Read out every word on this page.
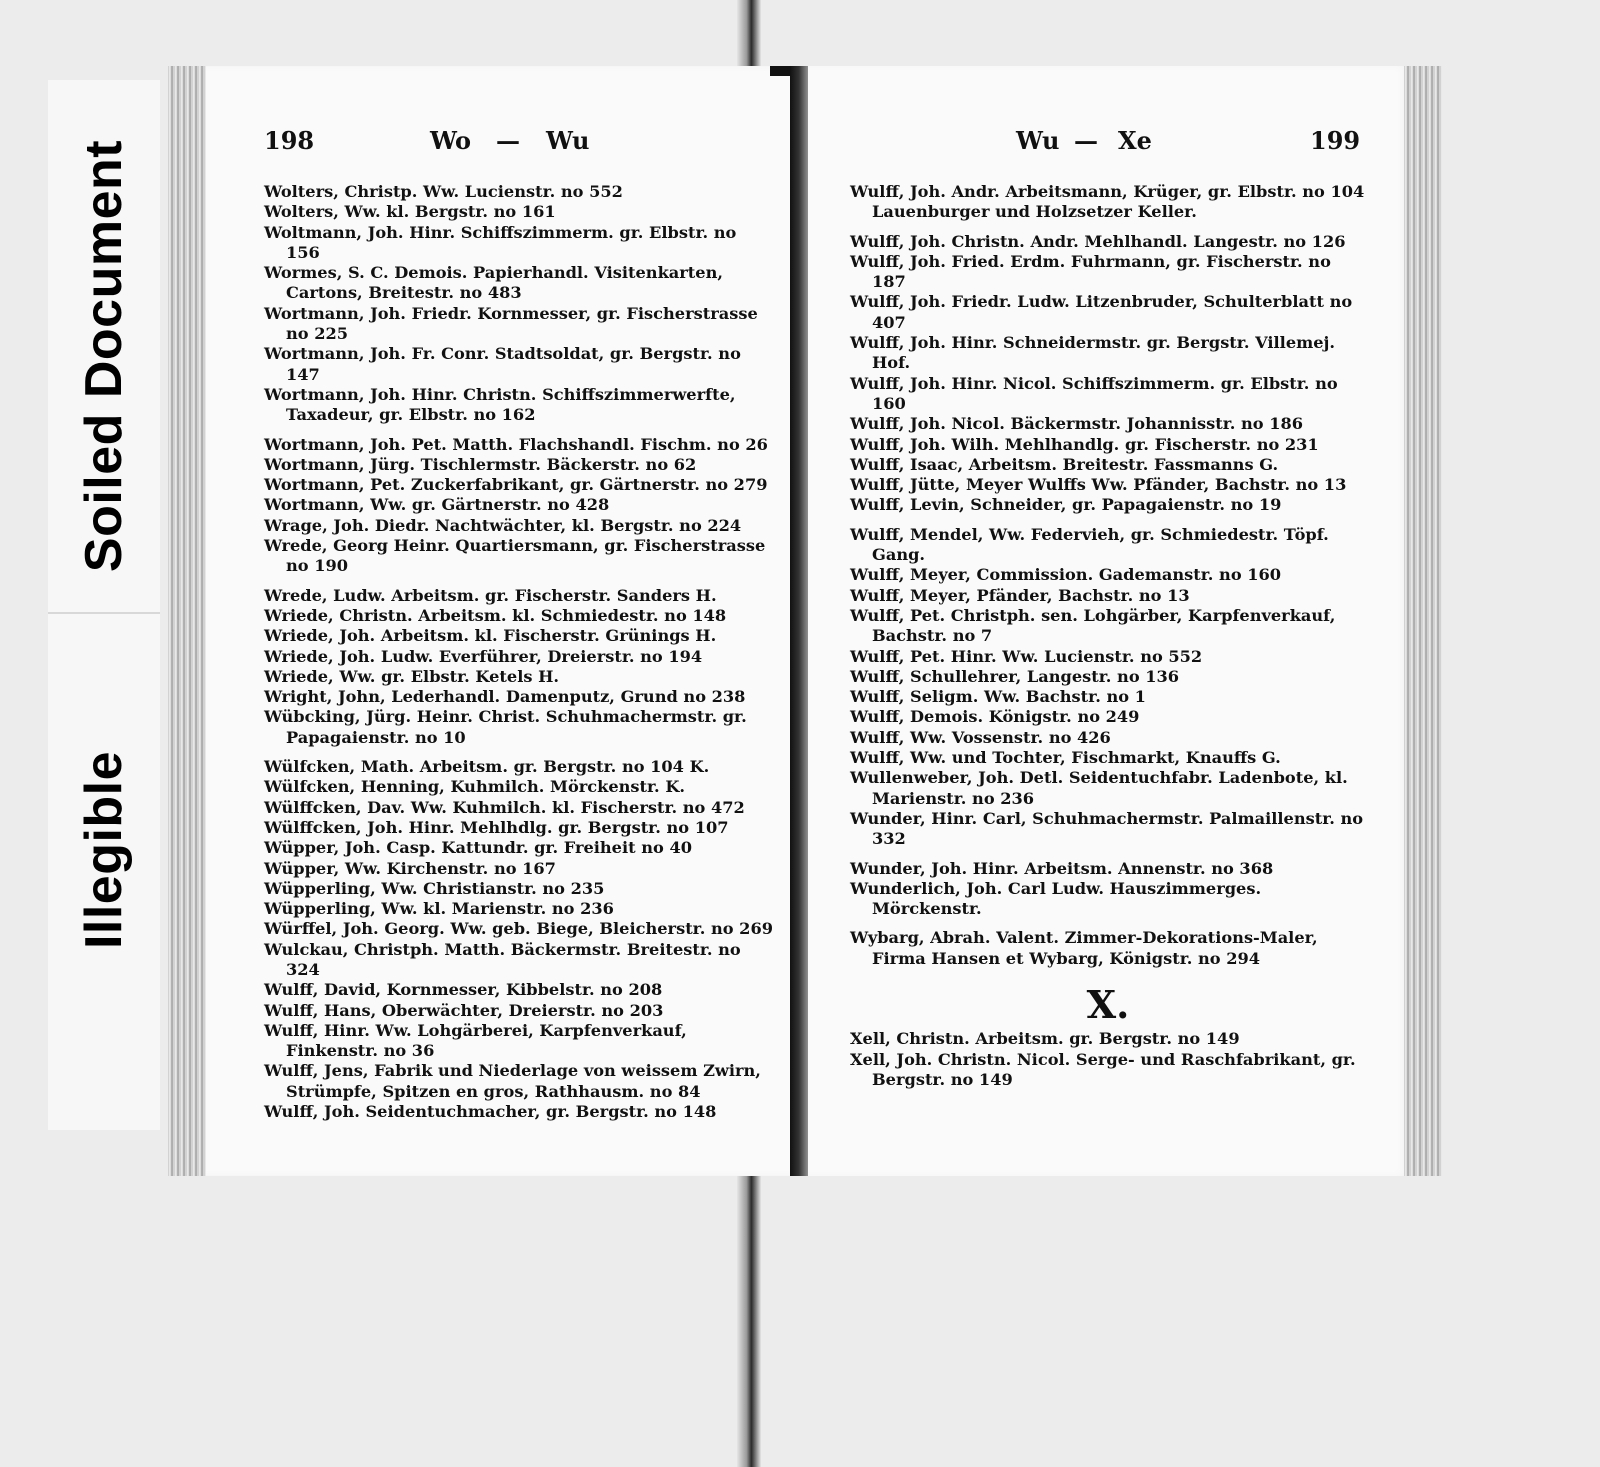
Soiled Document
Illegible
198	Wo — Wu

Wolters, Christp. Ww. Lucienstr. no 552

Wolters, Ww. kl. Bergstr. no 161

Woltmann, Joh. Hinr. Schiffszimmerm. gr. Elbstr. no 156

Wormes, S. C. Demois. Papierhandl. Visitenkarten, Cartons, Breitestr. no 483

Wortmann, Joh. Friedr. Kornmesser, gr. Fischerstrasse no 225

Wortmann, Joh. Fr. Conr. Stadtsoldat, gr. Bergstr. no 147

Wortmann, Joh. Hinr. Christn. Schiffszimmerwerfte, Taxadeur, gr. Elbstr. no 162

Wortmann, Joh. Pet. Matth. Flachshandl. Fischm. no 26

Wortmann, Jürg. Tischlermstr. Bäckerstr. no 62

Wortmann, Pet. Zuckerfabrikant, gr. Gärtnerstr. no 279

Wortmann, Ww. gr. Gärtnerstr. no 428

Wrage, Joh. Diedr. Nachtwächter, kl. Bergstr. no 224

Wrede, Georg Heinr. Quartiersmann, gr. Fischerstrasse no 190

Wrede, Ludw. Arbeitsm. gr. Fischerstr. Sanders H.

Wriede, Christn. Arbeitsm. kl. Schmiedestr. no 148

Wriede, Joh. Arbeitsm. kl. Fischerstr. Grünings H.

Wriede, Joh. Ludw. Everführer, Dreierstr. no 194

Wriede, Ww. gr. Elbstr. Ketels H.

Wright, John, Lederhandl. Damenputz, Grund no 238

Wübcking, Jürg. Heinr. Christ. Schuhmachermstr. gr. Papagaienstr. no 10

Wülfcken, Math. Arbeitsm. gr. Bergstr. no 104 K.

Wülfcken, Henning, Kuhmilch. Mörckenstr. K.

Wülffcken, Dav. Ww. Kuhmilch. kl. Fischerstr. no 472

Wülffcken, Joh. Hinr. Mehlhdlg. gr. Bergstr. no 107

Wüpper, Joh. Casp. Kattundr. gr. Freiheit no 40

Wüpper, Ww. Kirchenstr. no 167

Wüpperling, Ww. Christianstr. no 235

Wüpperling, Ww. kl. Marienstr. no 236

Würffel, Joh. Georg. Ww. geb. Biege, Bleicherstr. no 269

Wulckau, Christph. Matth. Bäckermstr. Breitestr. no 324

Wulff, David, Kornmesser, Kibbelstr. no 208

Wulff, Hans, Oberwächter, Dreierstr. no 203

Wulff, Hinr. Ww. Lohgärberei, Karpfenverkauf, Finkenstr. no 36

Wulff, Jens, Fabrik und Niederlage von weissem Zwirn, Strümpfe, Spitzen en gros, Rathhausm. no 84

Wulff, Joh. Seidentuchmacher, gr. Bergstr. no 148

Wu — Xe	199

Wulff, Joh. Andr. Arbeitsmann, Krüger, gr. Elbstr. no 104 Lauenburger und Holzsetzer Keller.

Wulff, Joh. Christn. Andr. Mehlhandl. Langestr. no 126

Wulff, Joh. Fried. Erdm. Fuhrmann, gr. Fischerstr. no 187

Wulff, Joh. Friedr. Ludw. Litzenbruder, Schulterblatt no 407

Wulff, Joh. Hinr. Schneidermstr. gr. Bergstr. Villemej. Hof.

Wulff, Joh. Hinr. Nicol. Schiffszimmerm. gr. Elbstr. no 160

Wulff, Joh. Nicol. Bäckermstr. Johannisstr. no 186

Wulff, Joh. Wilh. Mehlhandlg. gr. Fischerstr. no 231

Wulff, Isaac, Arbeitsm. Breitestr. Fassmanns G.

Wulff, Jütte, Meyer Wulffs Ww. Pfänder, Bachstr. no 13

Wulff, Levin, Schneider, gr. Papagaienstr. no 19

Wulff, Mendel, Ww. Federvieh, gr. Schmiedestr. Töpf. Gang.

Wulff, Meyer, Commission. Gademanstr. no 160

Wulff, Meyer, Pfänder, Bachstr. no 13

Wulff, Pet. Christph. sen. Lohgärber, Karpfenverkauf, Bachstr. no 7

Wulff, Pet. Hinr. Ww. Lucienstr. no 552

Wulff, Schullehrer, Langestr. no 136

Wulff, Seligm. Ww. Bachstr. no 1

Wulff, Demois. Königstr. no 249

Wulff, Ww. Vossenstr. no 426

Wulff, Ww. und Tochter, Fischmarkt, Knauffs G.

Wullenweber, Joh. Detl. Seidentuchfabr. Ladenbote, kl. Marienstr. no 236

Wunder, Hinr. Carl, Schuhmachermstr. Palmaillenstr. no 332

Wunder, Joh. Hinr. Arbeitsm. Annenstr. no 368

Wunderlich, Joh. Carl Ludw. Hauszimmerges. Mörckenstr.

Wybarg, Abrah. Valent. Zimmer-Dekorations-Maler, Firma Hansen et Wybarg, Königstr. no 294

X.

Xell, Christn. Arbeitsm. gr. Bergstr. no 149

Xell, Joh. Christn. Nicol. Serge- und Raschfabrikant, gr. Bergstr. no 149
